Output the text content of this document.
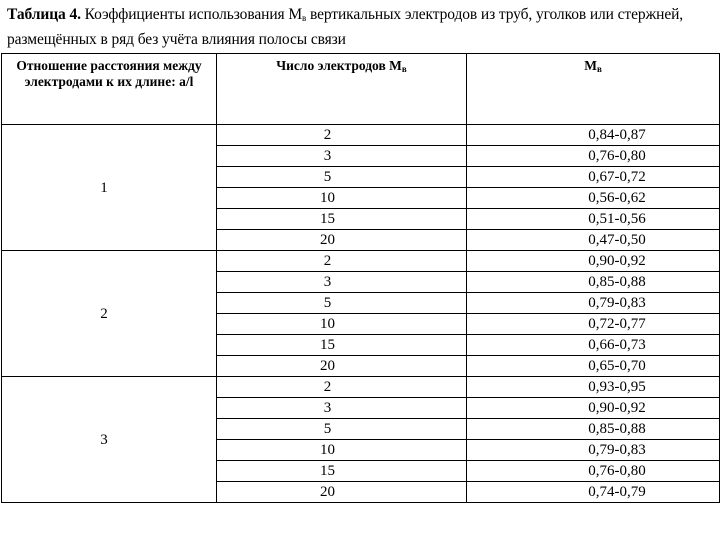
Таблица 4. Коэффициенты использования $М_в$ вертикальных электродов из труб, уголков или стержней, размещённых в ряд без учёта влияния полосы связи
Отношение расстояния между электродами к их длине: a/l	Число электродов $М_в$	$М_в$

1	2	0,84-0,87
	3	0,76-0,80
	5	0,67-0,72
	10	0,56-0,62
	15	0,51-0,56
	20	0,47-0,50

2	2	0,90-0,92
	3	0,85-0,88
	5	0,79-0,83
	10	0,72-0,77
	15	0,66-0,73
	20	0,65-0,70

3	2	0,93-0,95
	3	0,90-0,92
	5	0,85-0,88
	10	0,79-0,83
	15	0,76-0,80
	20	0,74-0,79
